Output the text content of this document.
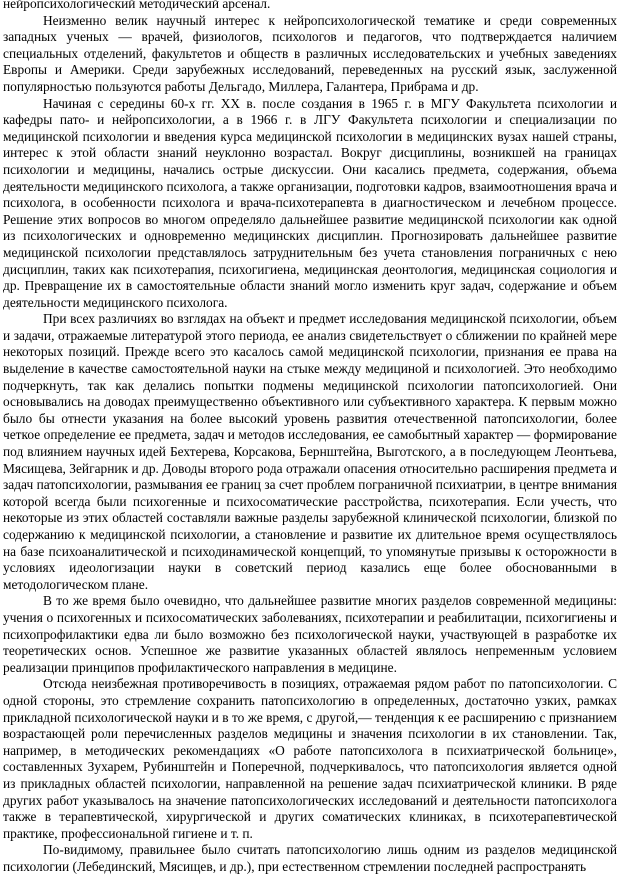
нейропсихологический методический арсенал.

Неизменно велик научный интерес к нейропсихологической тематике и среди современных западных ученых — врачей, физиологов, психологов и педагогов, что подтверждается наличием специальных отделений, факультетов и обществ в различных исследовательских и учебных заведениях Европы и Америки. Среди зарубежных исследований, переведенных на русский язык, заслуженной популярностью пользуются работы Дельгадо, Миллера, Галантера, Прибрама и др.

Начиная с середины 60-х гг. XX в. после создания в 1965 г. в МГУ Факультета психологии и кафедры пато- и нейропсихологии, а в 1966 г. в ЛГУ Факультета психологии и специализации по медицинской психологии и введения курса медицинской психологии в медицинских вузах нашей страны, интерес к этой области знаний неуклонно возрастал. Вокруг дисциплины, возникшей на границах психологии и медицины, начались острые дискуссии. Они касались предмета, содержания, объема деятельности медицинского психолога, а также организации, подготовки кадров, взаимоотношения врача и психолога, в особенности психолога и врача-психотерапевта в диагностическом и лечебном процессе. Решение этих вопросов во многом определяло дальнейшее развитие медицинской психологии как одной из психологических и одновременно медицинских дисциплин. Прогнозировать дальнейшее развитие медицинской психологии представлялось затруднительным без учета становления пограничных с нею дисциплин, таких как психотерапия, психогигиена, медицинская деонтология, медицинская социология и др. Превращение их в самостоятельные области знаний могло изменить круг задач, содержание и объем деятельности медицинского психолога.

При всех различиях во взглядах на объект и предмет исследования медицинской психологии, объем и задачи, отражаемые литературой этого периода, ее анализ свидетельствует о сближении по крайней мере некоторых позиций. Прежде всего это касалось самой медицинской психологии, признания ее права на выделение в качестве самостоятельной науки на стыке между медициной и психологией. Это необходимо подчеркнуть, так как делались попытки подмены медицинской психологии патопсихологией. Они основывались на доводах преимущественно объективного или субъективного характера. К первым можно было бы отнести указания на более высокий уровень развития отечественной патопсихологии, более четкое определение ее предмета, задач и методов исследования, ее самобытный характер — формирование под влиянием научных идей Бехтерева, Корсакова, Бернштейна, Выготского, а в последующем Леонтьева, Мясищева, Зейгарник и др. Доводы второго рода отражали опасения относительно расширения предмета и задач патопсихологии, размывания ее границ за счет проблем пограничной психиатрии, в центре внимания которой всегда были психогенные и психосоматические расстройства, психотерапия. Если учесть, что некоторые из этих областей составляли важные разделы зарубежной клинической психологии, близкой по содержанию к медицинской психологии, а становление и развитие их длительное время осуществлялось на базе психоаналитической и психодинамической концепций, то упомянутые призывы к осторожности в условиях идеологизации науки в советский период казались еще более обоснованными в методологическом плане.

В то же время было очевидно, что дальнейшее развитие многих разделов современной медицины: учения о психогенных и психосоматических заболеваниях, психотерапии и реабилитации, психогигиены и психопрофилактики едва ли было возможно без психологической науки, участвующей в разработке их теоретических основ. Успешное же развитие указанных областей являлось непременным условием реализации принципов профилактического направления в медицине.

Отсюда неизбежная противоречивость в позициях, отражаемая рядом работ по патопсихологии. С одной стороны, это стремление сохранить патопсихологию в определенных, достаточно узких, рамках прикладной психологической науки и в то же время, с другой,— тенденция к ее расширению с признанием возрастающей роли перечисленных разделов медицины и значения психологии в их становлении. Так, например, в методических рекомендациях «О работе патопсихолога в психиатрической больнице», составленных Зухарем, Рубинштейн и Поперечной, подчеркивалось, что патопсихология является одной из прикладных областей психологии, направленной на решение задач психиатрической клиники. В ряде других работ указывалось на значение патопсихологических исследований и деятельности патопсихолога также в терапевтической, хирургической и других соматических клиниках, в психотерапевтической практике, профессиональной гигиене и т. п.

По-видимому, правильнее было считать патопсихологию лишь одним из разделов медицинской психологии (Лебединский, Мясищев, и др.), при естественном стремлении последней распространять
